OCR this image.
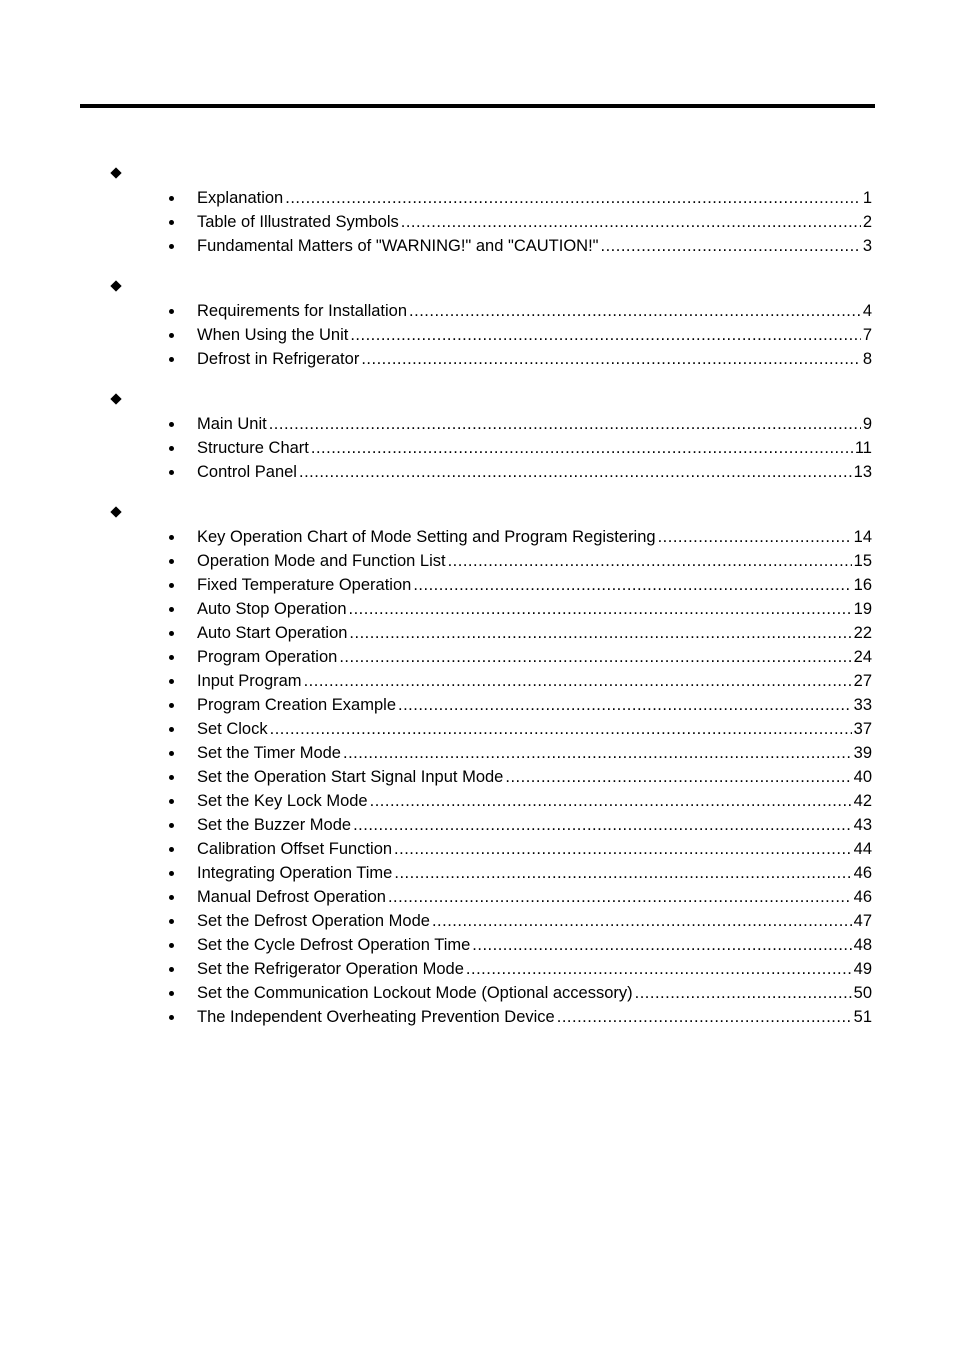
Explanation .....	1
Table of Illustrated Symbols .....	2
Fundamental Matters of "WARNING!" and "CAUTION!" .....	3
Requirements for Installation .....	4
When Using the Unit .....	7
Defrost in Refrigerator .....	8
Main Unit .....	9
Structure Chart .....	11
Control Panel .....	13
Key Operation Chart of Mode Setting and Program Registering .....	14
Operation Mode and Function List .....	15
Fixed Temperature Operation .....	16
Auto Stop Operation .....	19
Auto Start Operation .....	22
Program Operation .....	24
Input Program .....	27
Program Creation Example .....	33
Set Clock .....	37
Set the Timer Mode .....	39
Set the Operation Start Signal Input Mode .....	40
Set the Key Lock Mode .....	42
Set the Buzzer Mode .....	43
Calibration Offset Function .....	44
Integrating Operation Time .....	46
Manual Defrost Operation .....	46
Set the Defrost Operation Mode .....	47
Set the Cycle Defrost Operation Time .....	48
Set the Refrigerator Operation Mode .....	49
Set the Communication Lockout Mode (Optional accessory) .....	50
The Independent Overheating Prevention Device .....	51
